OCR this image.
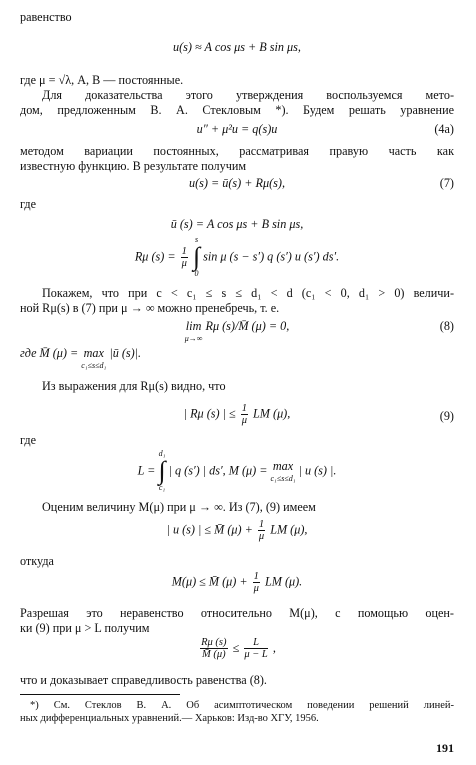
равенство
u(s) ≈ A cos μs + B sin μs,
где μ = √λ, A, B — постоянные.
Для доказательства этого утверждения воспользуемся мето-
дом, предложенным В. А. Стекловым *). Будем решать уравнение
u″ + μ²u = q(s)u	(4a)
методом вариации постоянных, рассматривая правую часть как
известную функцию. В результате получим
u(s) = ū(s) + Rμ(s),	(7)
где
ū (s) = A cos μs + B sin μs,
Rμ $(s) = \frac{1}{\mu}$

s
∫
0
sin μ (s − s′) q (s′) u (s′) ds′.
Покажем, что при c < c₁ ≤ s ≤ d₁ < d (c₁ < 0, d₁ > 0) величи-
ной Rμ(s) в (7) при μ → ∞ можно пренебречь, т. е.
lim
μ→∞
Rμ (s)/M̄ (μ) = 0,	(8)
где M̄ (μ) = max
c₁≤s≤d₁
|ū (s)|.
Из выражения для Rμ(s) видно, что
| Rμ (s) | ≤ $\frac{1}{\mu}$ LM (μ),	(9)
где
L =
d₁
∫
c₁
| q (s′) | ds′, M (μ) = max
c₁≤s≤d₁
| u (s) |.
Оценим величину M(μ) при μ → ∞. Из (7), (9) имеем
| u (s) | ≤ M̄ $(\mu) + \frac{1}{\mu}$ LM (μ),
откуда
M(μ) ≤ M̄ $(\mu) + \frac{1}{\mu}$ LM (μ).
Разрешая это неравенство относительно M(μ), с помощью оцен-
ки (9) при μ > L получим
$\frac{R\mu (s)}{M̄ (\mu)} \le \frac{L}{\mu - L}$ ,
что и доказывает справедливость равенства (8).
*) См. Стеклов В. А. Об асимптотическом поведении решений линей-
ных дифференциальных уравнений.— Харьков: Изд-во ХГУ, 1956.
191
